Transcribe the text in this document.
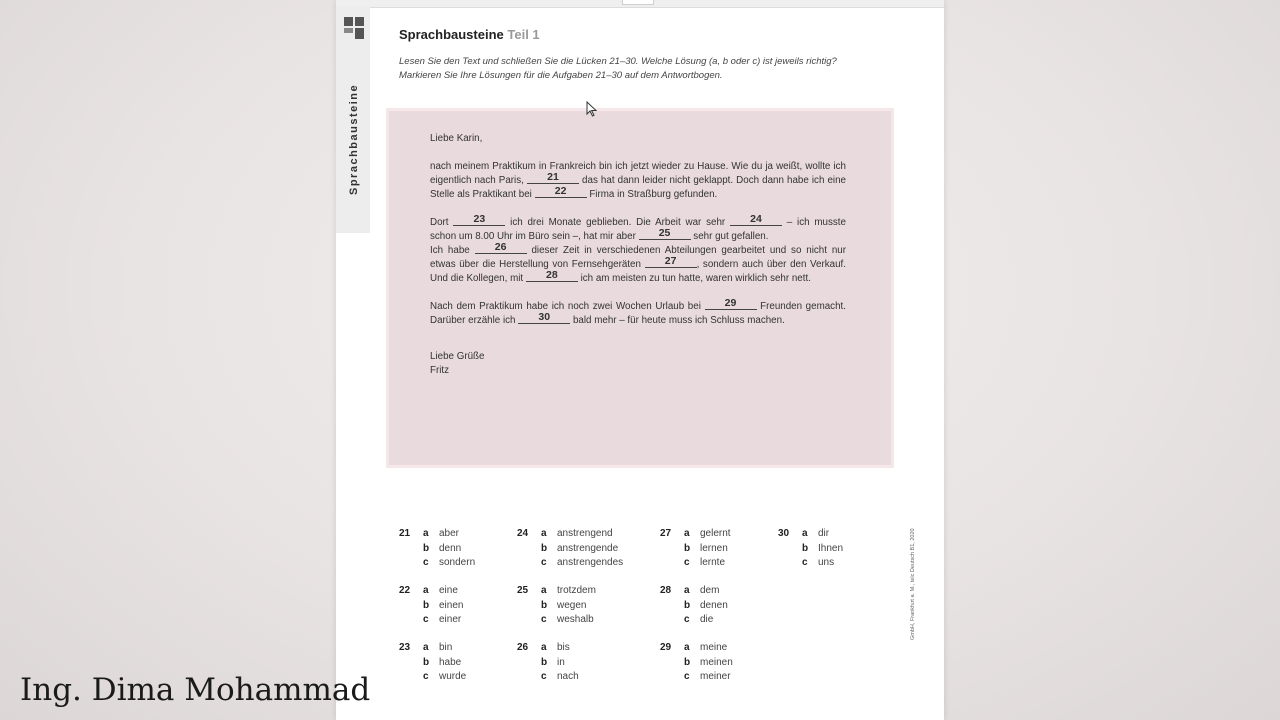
Sprachbausteine
Sprachbausteine Teil 1
Lesen Sie den Text und schließen Sie die Lücken 21–30. Welche Lösung (a, b oder c) ist jeweils richtig?
Markieren Sie Ihre Lösungen für die Aufgaben 21–30 auf dem Antwortbogen.

Liebe Karin,

nach meinem Praktikum in Frankreich bin ich jetzt wieder zu Hause. Wie du ja weißt, wollte ich eigentlich nach Paris, 21 das hat dann leider nicht geklappt. Doch dann habe ich eine Stelle als Praktikant bei 22 Firma in Straßburg gefunden.

Dort 23	ich drei Monate geblieben. Die Arbeit war sehr 24	– ich musste schon um 8.00 Uhr im Büro sein –, hat mir aber 25 sehr gut gefallen.
Ich habe 26	dieser Zeit in verschiedenen Abteilungen gearbeitet und so nicht nur etwas über die Herstellung von Fernsehgeräten 27 , sondern auch über den Verkauf. Und die Kollegen, mit 28 ich am meisten zu tun hatte, waren wirklich sehr nett.

Nach dem Praktikum habe ich noch zwei Wochen Urlaub bei 29 Freunden gemacht. Darüber erzähle ich 30 bald mehr – für heute muss ich Schluss machen.

Liebe Grüße
Fritz
21 a aber
b denn
c sondern
22 a eine
b einen
c einer
23 a bin
b habe
c wurde
24 a anstrengend
b anstrengende
c anstrengendes
25 a trotzdem
b wegen
c weshalb
26 a bis
b in
c nach
27 a gelernt
b lernen
c lernte
28 a dem
b denen
c die
29 a meine
b meinen
c meiner
30 a dir
b Ihnen
c uns	GmbH, Frankfurt a. M., telc Deutsch B1, 2020
Ing. Dima Mohammad
